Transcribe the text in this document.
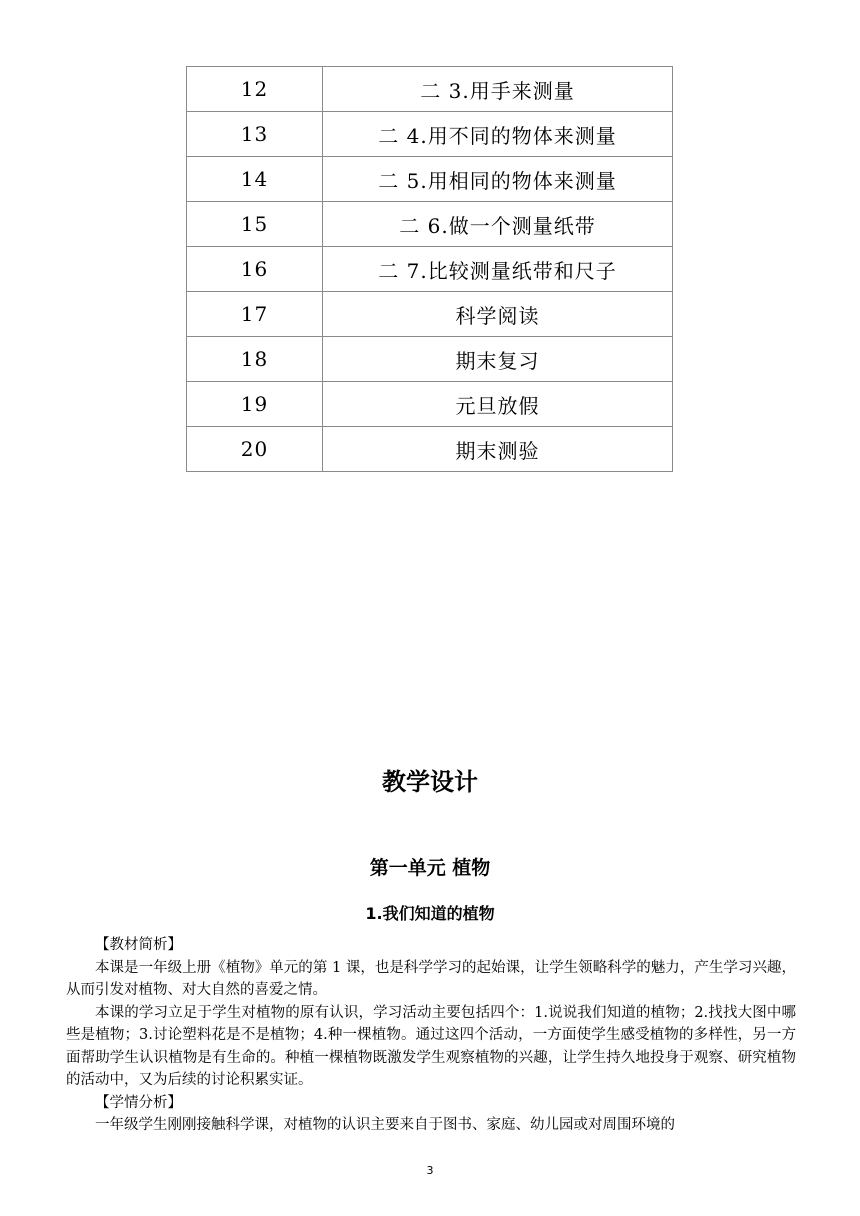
12	二 3.用手来测量
13	二 4.用不同的物体来测量
14	二 5.用相同的物体来测量
15	二 6.做一个测量纸带
16	二 7.比较测量纸带和尺子
17	科学阅读
18	期末复习
19	元旦放假
20	期末测验
教学设计
第一单元 植物
1.我们知道的植物

【教材简析】

本课是一年级上册《植物》单元的第 1 课，也是科学学习的起始课，让学生领略科学的魅力，产生学习兴趣，从而引发对植物、对大自然的喜爱之情。

本课的学习立足于学生对植物的原有认识，学习活动主要包括四个：1.说说我们知道的植物；2.找找大图中哪些是植物；3.讨论塑料花是不是植物；4.种一棵植物。通过这四个活动，一方面使学生感受植物的多样性，另一方面帮助学生认识植物是有生命的。种植一棵植物既激发学生观察植物的兴趣，让学生持久地投身于观察、研究植物的活动中，又为后续的讨论积累实证。

【学情分析】

一年级学生刚刚接触科学课，对植物的认识主要来自于图书、家庭、幼儿园或对周围环境的

3
